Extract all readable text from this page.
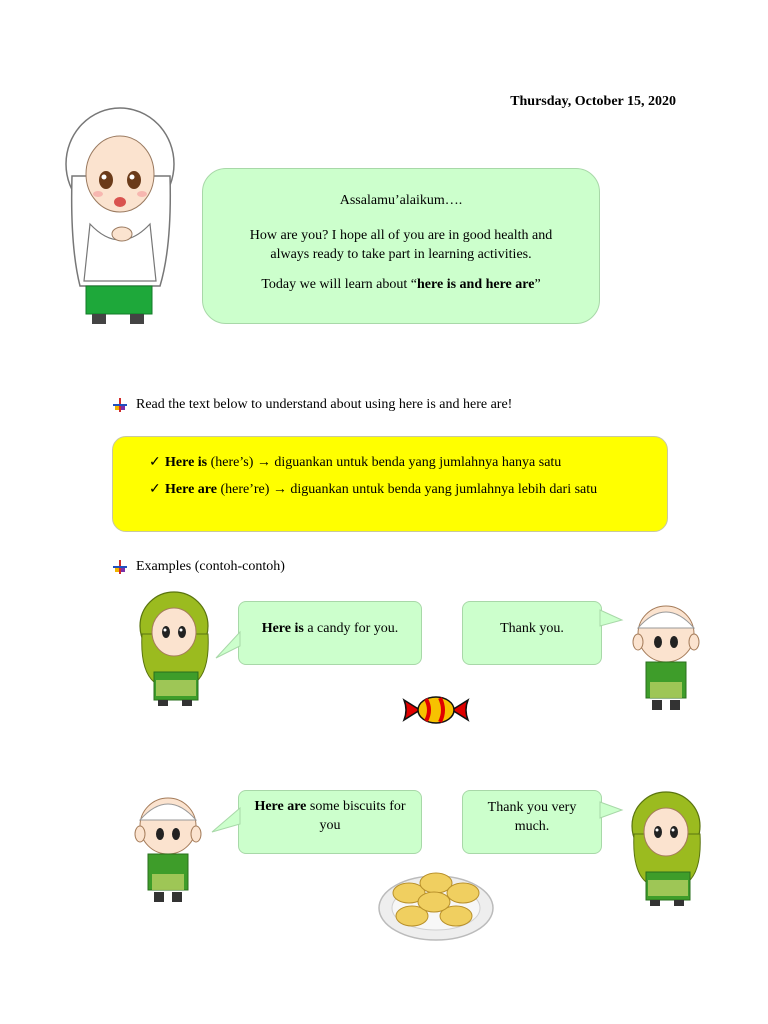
Thursday, October 15, 2020
Assalamu’alaikum….
How are you? I hope all of you are in good health and always ready to take part in learning activities.
Today we will learn about “here is and here are”
Read the text below to understand about using here is and here are!
✓ Here is (here’s) → diguankan untuk benda yang jumlahnya hanya satu
✓ Here are (here’re) → diguankan untuk benda yang jumlahnya lebih dari satu
Examples (contoh-contoh)
Here is a candy for you.	Thank you.
Here are some biscuits for you
Thank you very much.
